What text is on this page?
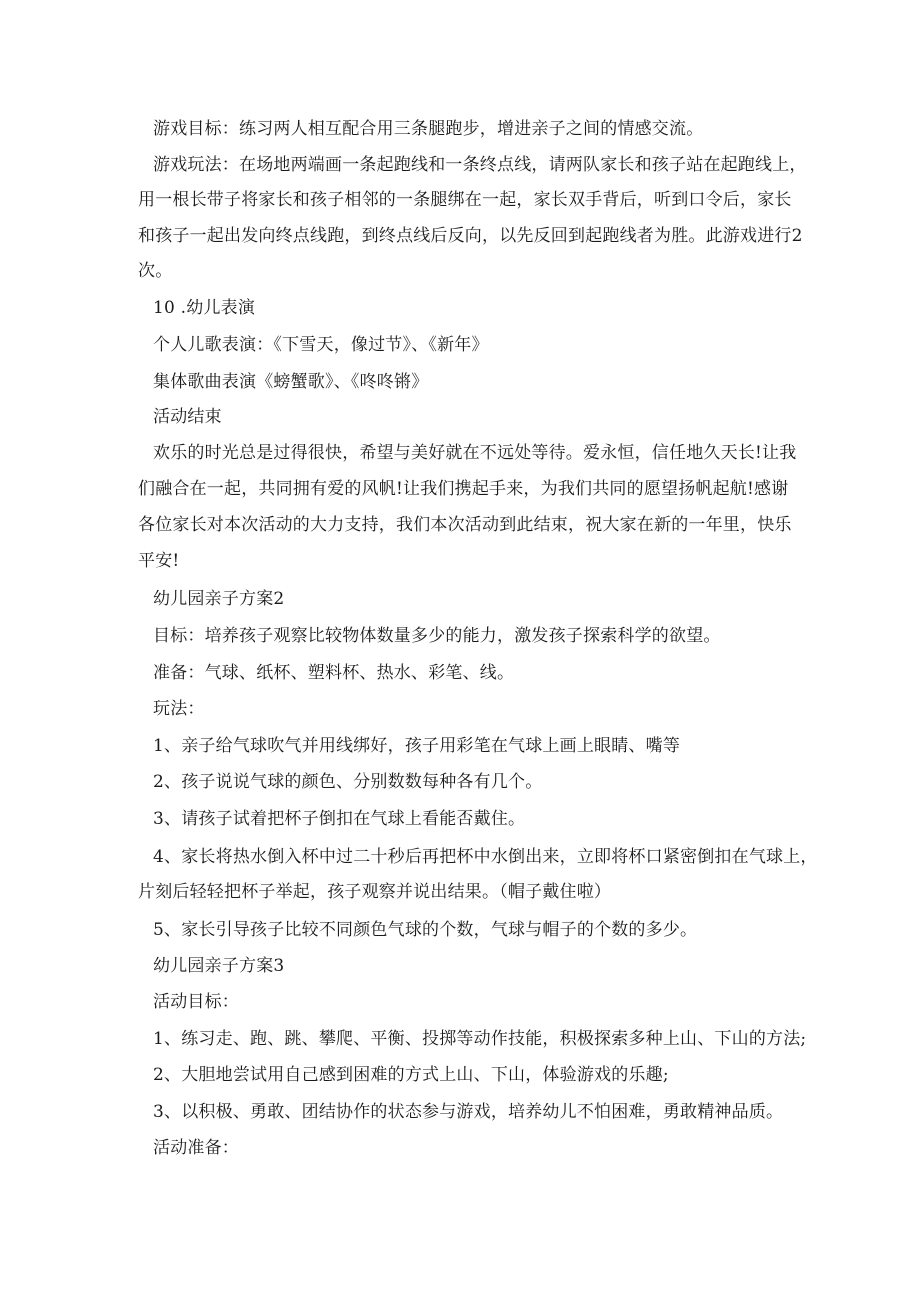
游戏目标：练习两人相互配合用三条腿跑步，增进亲子之间的情感交流。
游戏玩法：在场地两端画一条起跑线和一条终点线，请两队家长和孩子站在起跑线上，
用一根长带子将家长和孩子相邻的一条腿绑在一起，家长双手背后，听到口令后，家长
和孩子一起出发向终点线跑，到终点线后反向，以先反回到起跑线者为胜。此游戏进行2
次。
10 .幼儿表演
个人儿歌表演：《下雪天，像过节》、《新年》
集体歌曲表演《螃蟹歌》、《咚咚锵》
活动结束
欢乐的时光总是过得很快，希望与美好就在不远处等待。爱永恒，信任地久天长!让我
们融合在一起，共同拥有爱的风帆!让我们携起手来，为我们共同的愿望扬帆起航!感谢
各位家长对本次活动的大力支持，我们本次活动到此结束，祝大家在新的一年里，快乐
平安!
幼儿园亲子方案2
目标：培养孩子观察比较物体数量多少的能力，激发孩子探索科学的欲望。
准备：气球、纸杯、塑料杯、热水、彩笔、线。
玩法：
1、亲子给气球吹气并用线绑好，孩子用彩笔在气球上画上眼睛、嘴等
2、孩子说说气球的颜色、分别数数每种各有几个。
3、请孩子试着把杯子倒扣在气球上看能否戴住。
4、家长将热水倒入杯中过二十秒后再把杯中水倒出来，立即将杯口紧密倒扣在气球上，
片刻后轻轻把杯子举起，孩子观察并说出结果。（帽子戴住啦）
5、家长引导孩子比较不同颜色气球的个数，气球与帽子的个数的多少。
幼儿园亲子方案3
活动目标：
1、练习走、跑、跳、攀爬、平衡、投掷等动作技能，积极探索多种上山、下山的方法;
2、大胆地尝试用自己感到困难的方式上山、下山，体验游戏的乐趣;
3、以积极、勇敢、团结协作的状态参与游戏，培养幼儿不怕困难，勇敢精神品质。
活动准备：
